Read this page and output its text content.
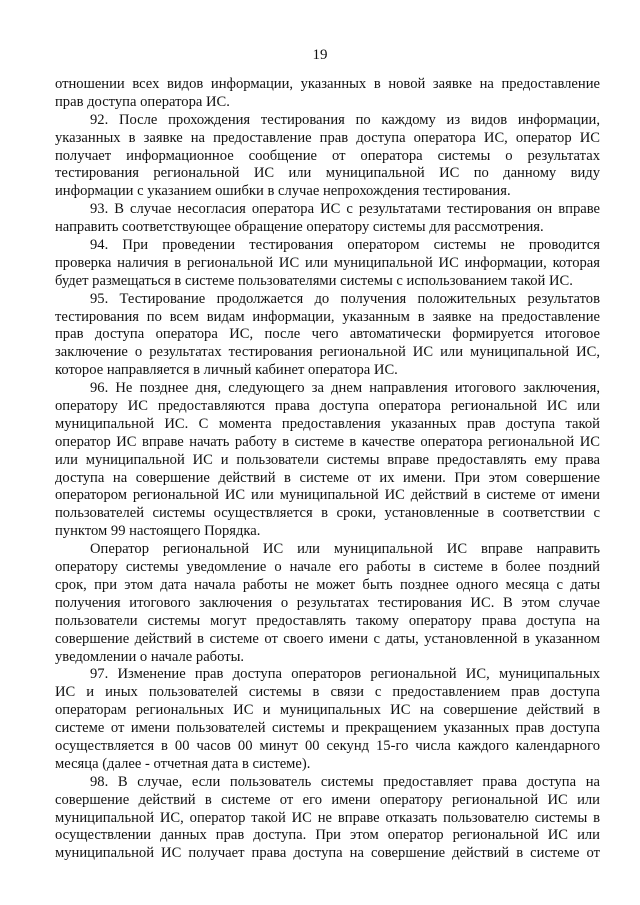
19
отношении всех видов информации, указанных в новой заявке на предоставление
прав доступа оператора ИС.
92. После прохождения тестирования по каждому из видов информации,
указанных в заявке на предоставление прав доступа оператора ИС, оператор ИС
получает информационное сообщение от оператора системы о результатах
тестирования региональной ИС или муниципальной ИС по данному виду
информации с указанием ошибки в случае непрохождения тестирования.
93. В случае несогласия оператора ИС с результатами тестирования он вправе
направить соответствующее обращение оператору системы для рассмотрения.
94. При проведении тестирования оператором системы не проводится
проверка наличия в региональной ИС или муниципальной ИС информации, которая
будет размещаться в системе пользователями системы с использованием такой ИС.
95. Тестирование продолжается до получения положительных результатов
тестирования по всем видам информации, указанным в заявке на предоставление
прав доступа оператора ИС, после чего автоматически формируется итоговое
заключение о результатах тестирования региональной ИС или муниципальной ИС,
которое направляется в личный кабинет оператора ИС.
96. Не позднее дня, следующего за днем направления итогового заключения,
оператору ИС предоставляются права доступа оператора региональной ИС или
муниципальной ИС. С момента предоставления указанных прав доступа такой
оператор ИС вправе начать работу в системе в качестве оператора региональной ИС
или муниципальной ИС и пользователи системы вправе предоставлять ему права
доступа на совершение действий в системе от их имени. При этом совершение
оператором региональной ИС или муниципальной ИС действий в системе от имени
пользователей системы осуществляется в сроки, установленные в соответствии с
пунктом 99 настоящего Порядка.
Оператор региональной ИС или муниципальной ИС вправе направить
оператору системы уведомление о начале его работы в системе в более поздний
срок, при этом дата начала работы не может быть позднее одного месяца с даты
получения итогового заключения о результатах тестирования ИС. В этом случае
пользователи системы могут предоставлять такому оператору права доступа на
совершение действий в системе от своего имени с даты, установленной в указанном
уведомлении о начале работы.
97. Изменение прав доступа операторов региональной ИС, муниципальных
ИС и иных пользователей системы в связи с предоставлением прав доступа
операторам региональных ИС и муниципальных ИС на совершение действий в
системе от имени пользователей системы и прекращением указанных прав доступа
осуществляется в 00 часов 00 минут 00 секунд 15-го числа каждого календарного
месяца (далее - отчетная дата в системе).
98. В случае, если пользователь системы предоставляет права доступа на
совершение действий в системе от его имени оператору региональной ИС или
муниципальной ИС, оператор такой ИС не вправе отказать пользователю системы в
осуществлении данных прав доступа. При этом оператор региональной ИС или
муниципальной ИС получает права доступа на совершение действий в системе от
